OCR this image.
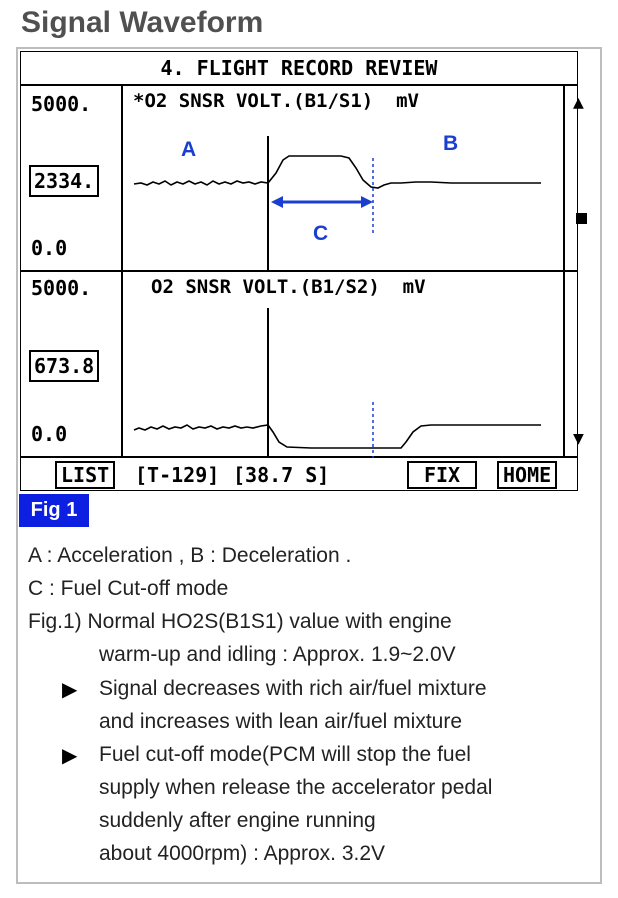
Signal Waveform
4. FLIGHT RECORD REVIEW
5000.
2334.
0.0
*O2 SNSR VOLT.(B1/S1)  mV
A	B
C
5000.
673.8
0.0
O2 SNSR VOLT.(B1/S2)  mV
▲
▼
LIST	[T-129] [38.7 S]	FIX	HOME
Fig 1
A : Acceleration , B : Deceleration .
C : Fuel Cut-off mode
Fig.1) Normal HO2S(B1S1) value with engine
warm-up and idling : Approx. 1.9~2.0V
▶ Signal decreases with rich air/fuel mixture
and increases with lean air/fuel mixture
▶ Fuel cut-off mode(PCM will stop the fuel
supply when release the accelerator pedal
suddenly after engine running
about 4000rpm) : Approx. 3.2V
